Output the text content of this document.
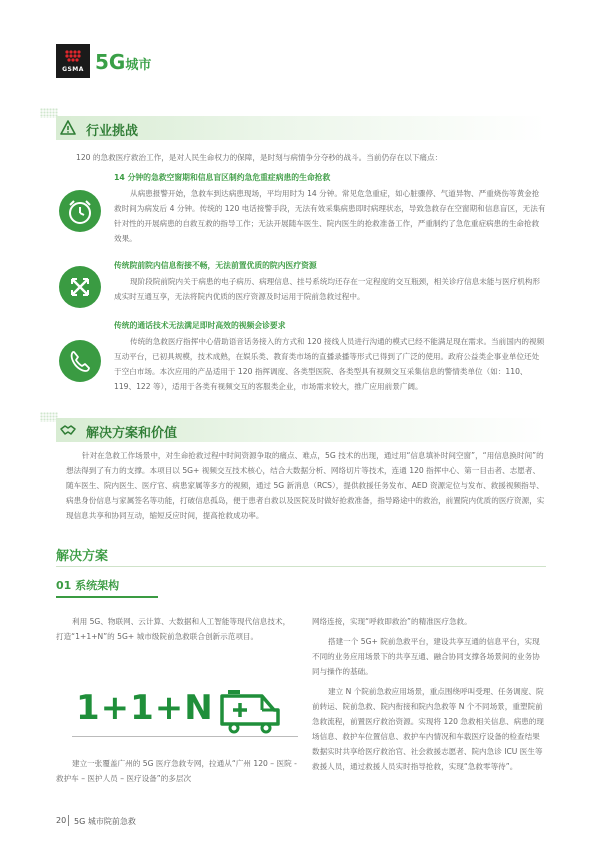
GSMA 5G城市
行业挑战

120 的急救医疗救治工作，是对人民生命权力的保障，是时刻与病情争分夺秒的战斗。当前仍存在以下痛点：

14 分钟的急救空窗期和信息盲区制约急危重症病患的生命抢救

从病患报警开始，急救车到达病患现场，平均用时为 14 分钟。常见危急重症，如心脏骤停、气道异物、严重烧伤等黄金抢救时间为病发后 4 分钟。传统的 120 电话接警手段，无法有效采集病患即时病理状态，导致急救存在空窗期和信息盲区，无法有针对性的开展病患的自救互救的指导工作；无法开展随车医生、院内医生的抢救准备工作，严重制约了急危重症病患的生命抢救效果。

传统院前院内信息衔接不畅，无法前置优质的院内医疗资源

现阶段院前院内关于病患的电子病历、病理信息、挂号系统均还存在一定程度的交互瓶颈，相关诊疗信息未能与医疗机构形成实时互通互享，无法将院内优质的医疗资源及时运用于院前急救过程中。

传统的通话技术无法满足即时高效的视频会诊要求

传统的急救医疗指挥中心借助语音话务接入的方式和 120 接线人员进行沟通的模式已经不能满足现在需求。当前国内的视频互动平台，已初具规模，技术成熟，在娱乐类、教育类市场的直播录播等形式已得到了广泛的使用。政府公益类企事业单位还处于空白市场。本次应用的产品适用于 120 指挥调度、各类型医院、各类型具有视频交互采集信息的警情类单位（如：110、119、122 等），适用于各类有视频交互的客服类企业，市场需求较大，推广应用前景广阔。

解决方案和价值

针对在急救工作场景中，对生命抢救过程中时间资源争取的痛点、难点，5G 技术的出现，通过用“信息填补时间空窗”，“用信息换时间”的想法得到了有力的支撑。本项目以 5G+ 视频交互技术核心，结合大数据分析、网络切片等技术，连通 120 指挥中心、第一目击者、志愿者、随车医生、院内医生、医疗官、病患家属等多方的视频，通过 5G 新消息（RCS），提供救援任务发布、AED 资源定位与发布、救援视频指导、病患身份信息与家属签名等功能，打破信息孤岛，便于患者自救以及医院及时做好抢救准备，指导路途中的救治，前置院内优质的医疗资源，实现信息共享和协同互动，缩短反应时间，提高抢救成功率。

解决方案
01 系统架构

利用 5G、物联网、云计算、大数据和人工智能等现代信息技术，打造“1+1+N”的 5G+ 城市级院前急救联合创新示范项目。

1+1+N

建立一张覆盖广州的 5G 医疗急救专网，拉通从“广州 120 – 医院 - 救护车 – 医护人员 – 医疗设备”的多层次

网络连接，实现“呼救即救治”的精准医疗急救。

搭建一个 5G+ 院前急救平台，建设共享互通的信息平台，实现不同的业务应用场景下的共享互通、融合协同支撑各场景间的业务协同与操作的基础。

建立 N 个院前急救应用场景，重点围绕呼叫受理、任务调度、院前转运、院前急救、院内衔接和院内急救等 N 个不同场景，重塑院前急救流程，前置医疗救治资源。实现将 120 急救相关信息、病患的现场信息、救护车位置信息、救护车内情况和车载医疗设备的检查结果数据实时共享给医疗救治官、社会救援志愿者、院内急诊 ICU 医生等救援人员，通过救援人员实时指导抢救，实现“急救零等待”。

20 5G 城市院前急救
